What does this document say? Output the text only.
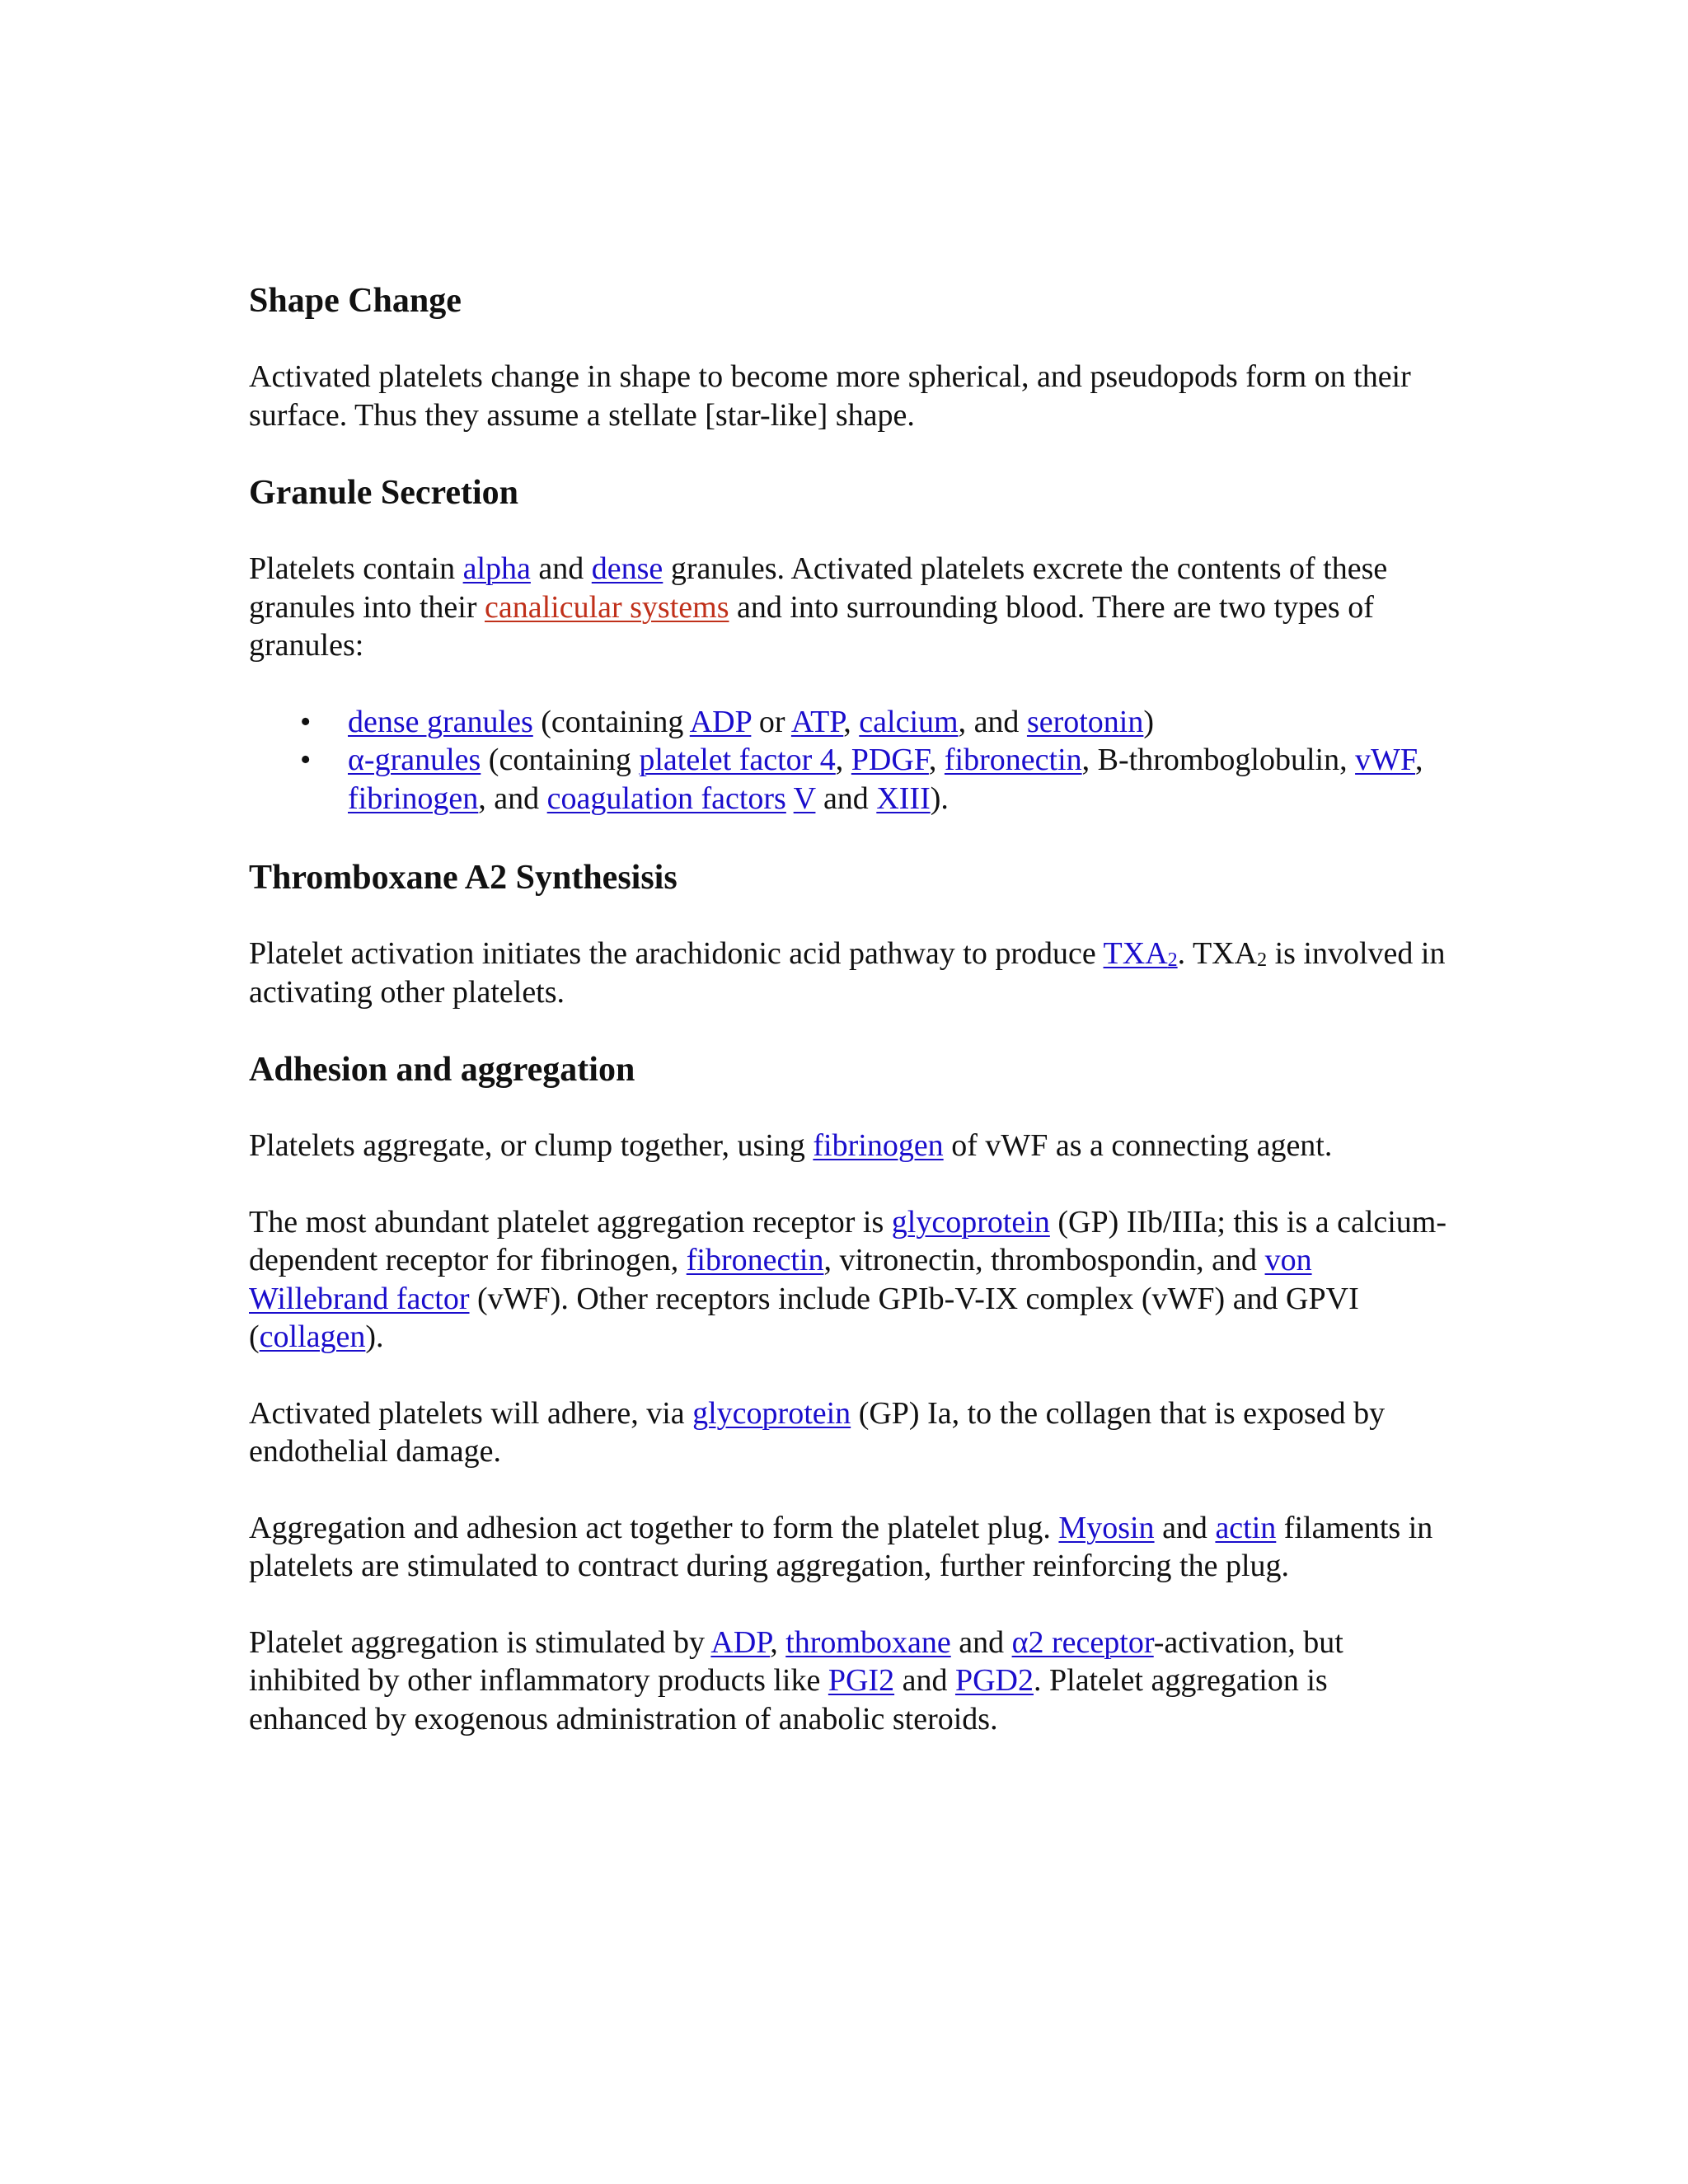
Shape Change

Activated platelets change in shape to become more spherical, and pseudopods form on their surface. Thus they assume a stellate [star-like] shape.

Granule Secretion

Platelets contain alpha and dense granules. Activated platelets excrete the contents of these granules into their canalicular systems and into surrounding blood. There are two types of granules:

• dense granules (containing ADP or ATP, calcium, and serotonin)
• α-granules (containing platelet factor 4, PDGF, fibronectin, B-thromboglobulin, vWF, fibrinogen, and coagulation factors V and XIII).
Thromboxane A2 Synthesisis

Platelet activation initiates the arachidonic acid pathway to produce $TXA_2$. $TXA_2$ is involved in activating other platelets.

Adhesion and aggregation

Platelets aggregate, or clump together, using fibrinogen of vWF as a connecting agent.

The most abundant platelet aggregation receptor is glycoprotein (GP) IIb/IIIa; this is a calcium-dependent receptor for fibrinogen, fibronectin, vitronectin, thrombospondin, and von Willebrand factor (vWF). Other receptors include GPIb-V-IX complex (vWF) and GPVI (collagen).

Activated platelets will adhere, via glycoprotein (GP) Ia, to the collagen that is exposed by endothelial damage.

Aggregation and adhesion act together to form the platelet plug. Myosin and actin filaments in platelets are stimulated to contract during aggregation, further reinforcing the plug.

Platelet aggregation is stimulated by ADP, thromboxane and α2 receptor-activation, but inhibited by other inflammatory products like PGI2 and PGD2. Platelet aggregation is enhanced by exogenous administration of anabolic steroids.
